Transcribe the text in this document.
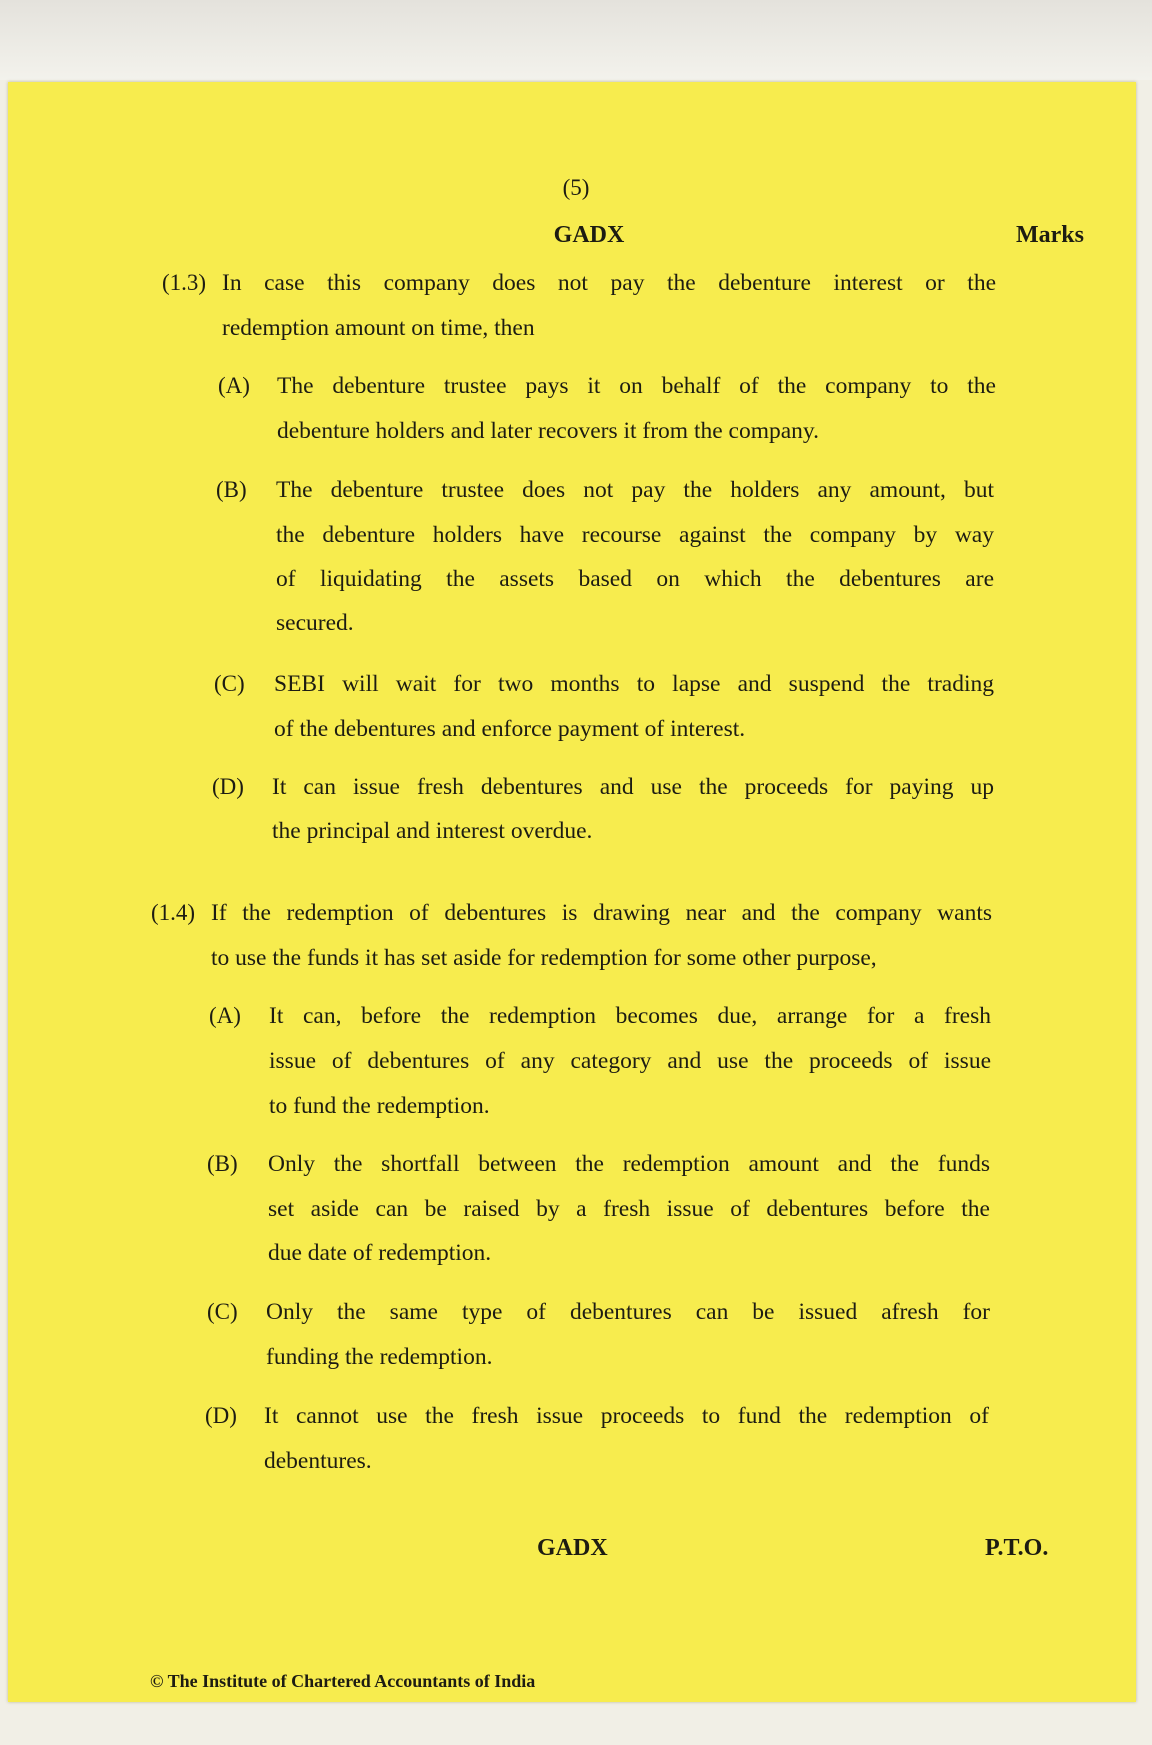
(5)
GADX	Marks
(1.3) In case this company does not pay the debenture interest or the
redemption amount on time, then
(A) The debenture trustee pays it on behalf of the company to the
debenture holders and later recovers it from the company.
(B) The debenture trustee does not pay the holders any amount, but
the debenture holders have recourse against the company by way
of liquidating the assets based on which the debentures are
secured.
(C) SEBI will wait for two months to lapse and suspend the trading
of the debentures and enforce payment of interest.
(D) It can issue fresh debentures and use the proceeds for paying up
the principal and interest overdue.
(1.4) If the redemption of debentures is drawing near and the company wants
to use the funds it has set aside for redemption for some other purpose,
(A) It can, before the redemption becomes due, arrange for a fresh
issue of debentures of any category and use the proceeds of issue
to fund the redemption.
(B) Only the shortfall between the redemption amount and the funds
set aside can be raised by a fresh issue of debentures before the
due date of redemption.
(C) Only the same type of debentures can be issued afresh for
funding the redemption.
(D) It cannot use the fresh issue proceeds to fund the redemption of
debentures.
GADX	P.T.O.
© The Institute of Chartered Accountants of India
